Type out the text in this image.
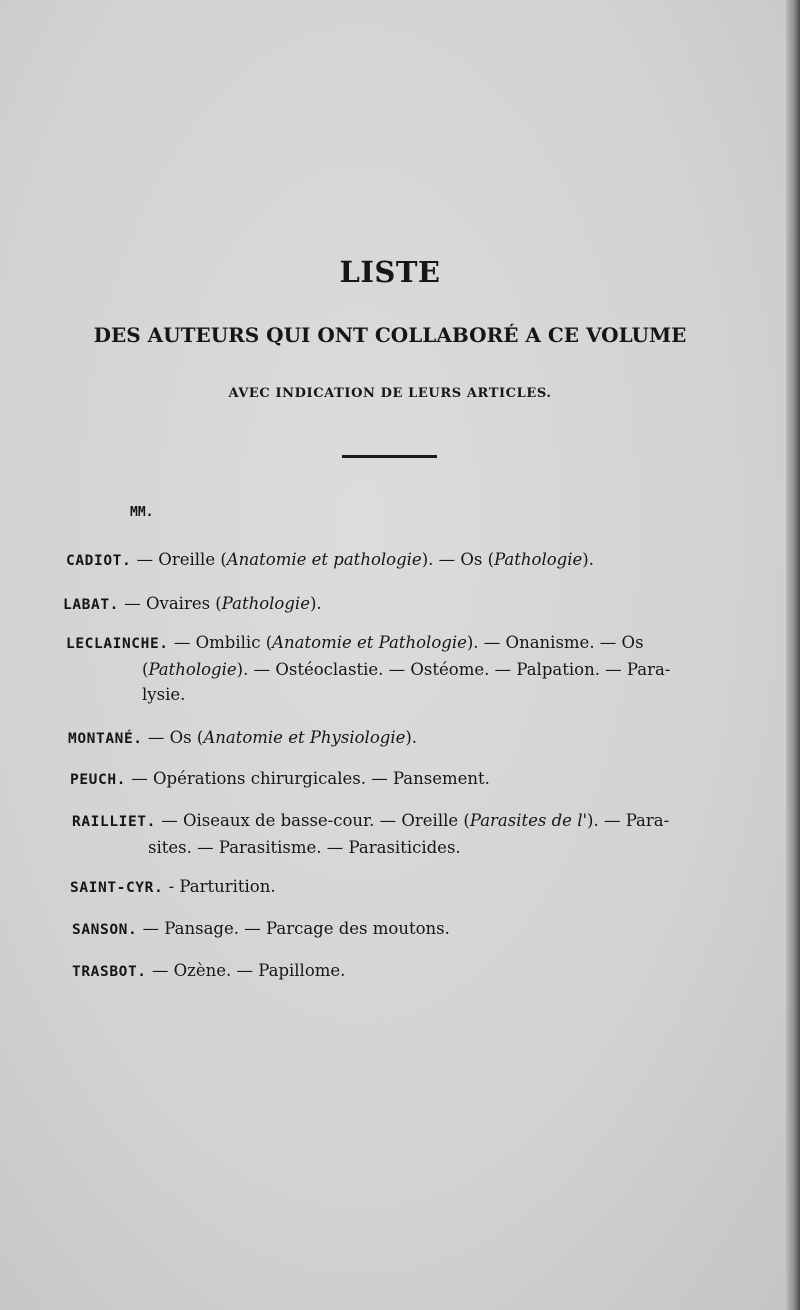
LISTE
DES AUTEURS QUI ONT COLLABORÉ A CE VOLUME
AVEC INDICATION DE LEURS ARTICLES.
MM.
CADIOT. — Oreille (Anatomie et pathologie). — Os (Pathologie).
LABAT. — Ovaires (Pathologie).
LECLAINCHE. — Ombilic (Anatomie et Pathologie). — Onanisme. — Os
(Pathologie). — Ostéoclastie. — Ostéome. — Palpation. — Para-
lysie.
MONTANÉ. — Os (Anatomie et Physiologie).
PEUCH. — Opérations chirurgicales. — Pansement.
RAILLIET. — Oiseaux de basse-cour. — Oreille (Parasites de l'). — Para-
sites. — Parasitisme. — Parasiticides.
SAINT-CYR. - Parturition.
SANSON. — Pansage. — Parcage des moutons.
TRASBOT. — Ozène. — Papillome.
